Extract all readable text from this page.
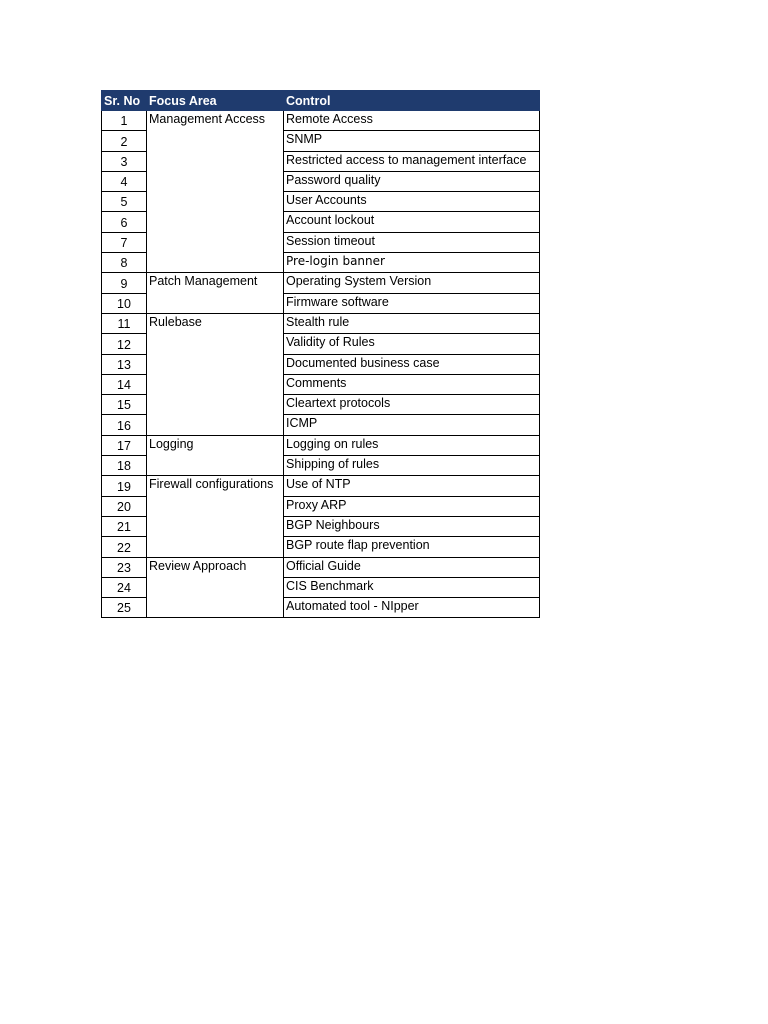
Sr. No	Focus Area	Control
1	Management Access	Remote Access
2		SNMP
3		Restricted access to management interface
4		Password quality
5		User Accounts
6		Account lockout
7		Session timeout
8		Pre-login banner
9	Patch Management	Operating System Version
10		Firmware software
11	Rulebase	Stealth rule
12		Validity of Rules
13		Documented business case
14		Comments
15		Cleartext protocols
16		ICMP
17	Logging	Logging on rules
18		Shipping of rules
19	Firewall configurations	Use of NTP
20		Proxy ARP
21		BGP Neighbours
22		BGP route flap prevention
23	Review Approach	Official Guide
24		CIS Benchmark
25		Automated tool - NIpper
